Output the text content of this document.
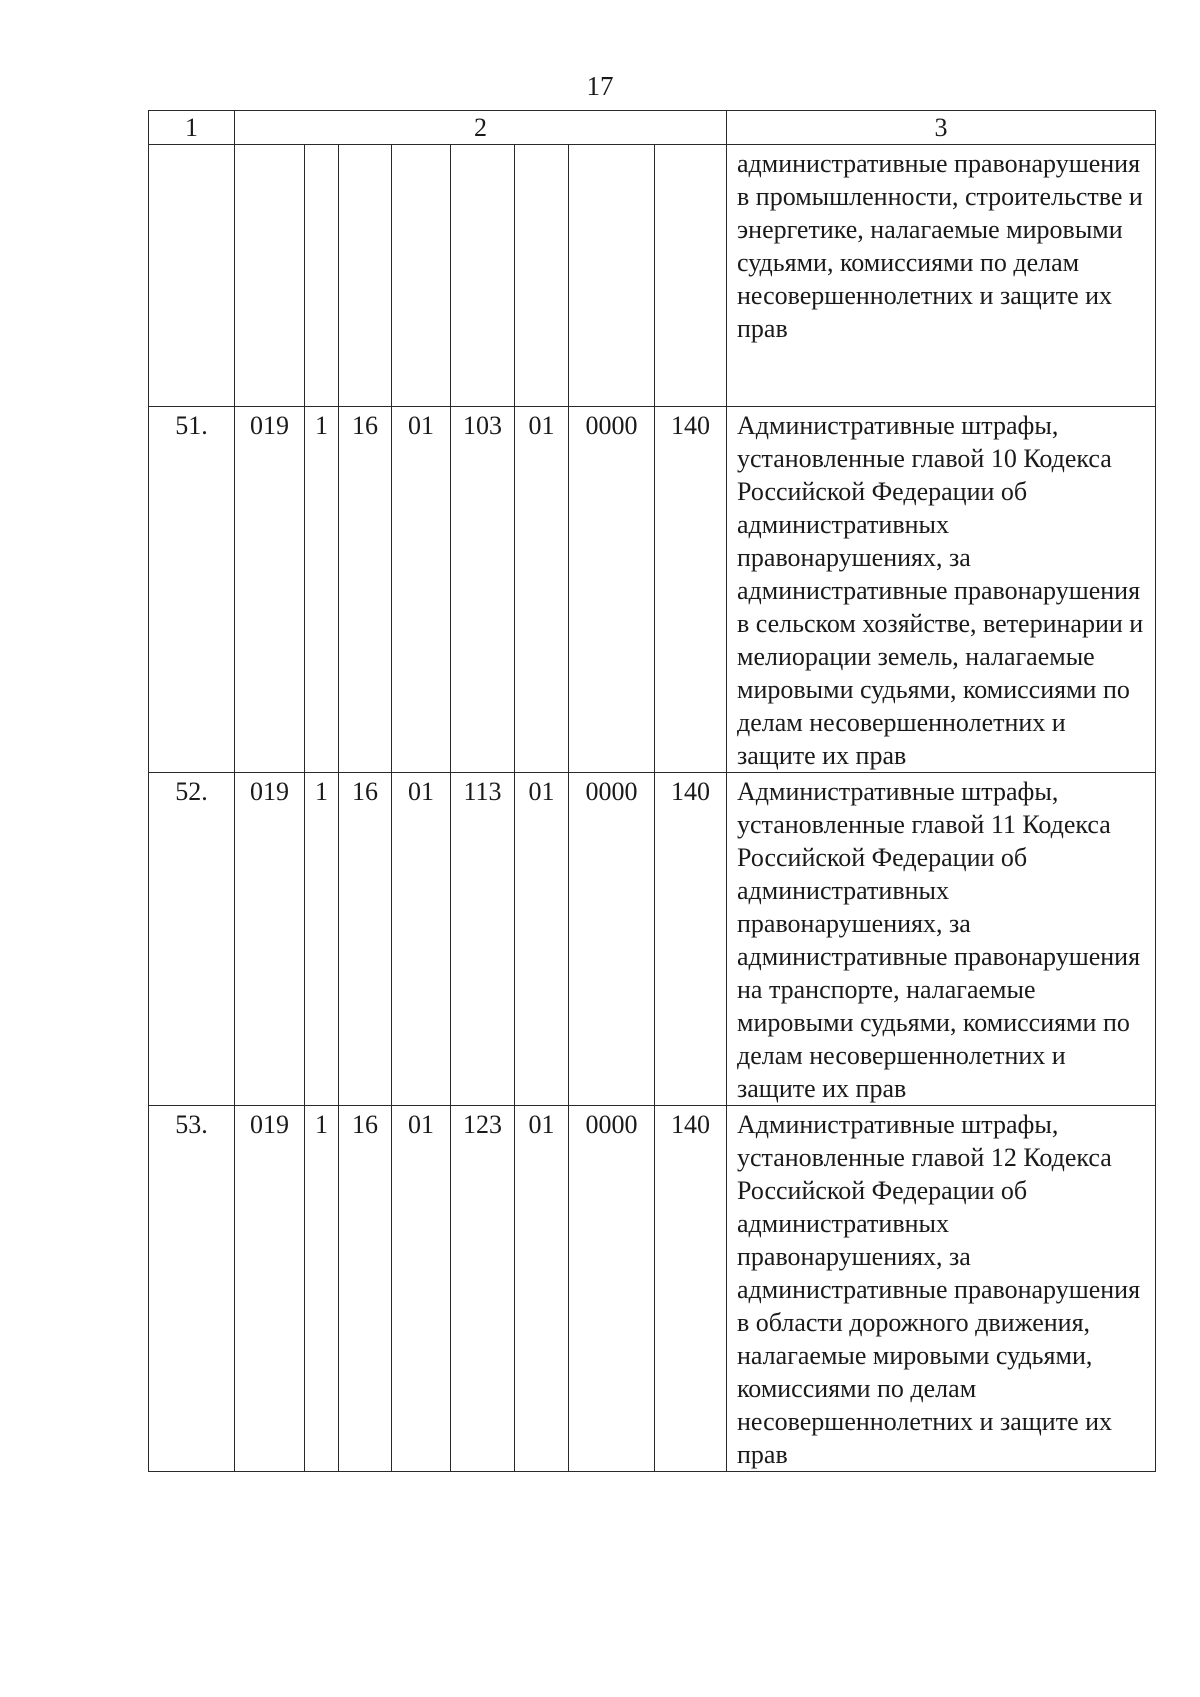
17
1	2								3
									административные правонарушения в промышленности, строительстве и энергетике, налагаемые мировыми судьями, комиссиями по делам несовершеннолетних и защите их прав
51.	019	1	16	01	103	01	0000	140	Административные штрафы, установленные главой 10 Кодекса Российской Федерации об административных правонарушениях, за административные правонарушения в сельском хозяйстве, ветеринарии и мелиорации земель, налагаемые мировыми судьями, комиссиями по делам несовершеннолетних и защите их прав
52.	019	1	16	01	113	01	0000	140	Административные штрафы, установленные главой 11 Кодекса Российской Федерации об административных правонарушениях, за административные правонарушения на транспорте, налагаемые мировыми судьями, комиссиями по делам несовершеннолетних и защите их прав
53.	019	1	16	01	123	01	0000	140	Административные штрафы, установленные главой 12 Кодекса Российской Федерации об административных правонарушениях, за административные правонарушения в области дорожного движения, налагаемые мировыми судьями, комиссиями по делам несовершеннолетних и защите их прав
